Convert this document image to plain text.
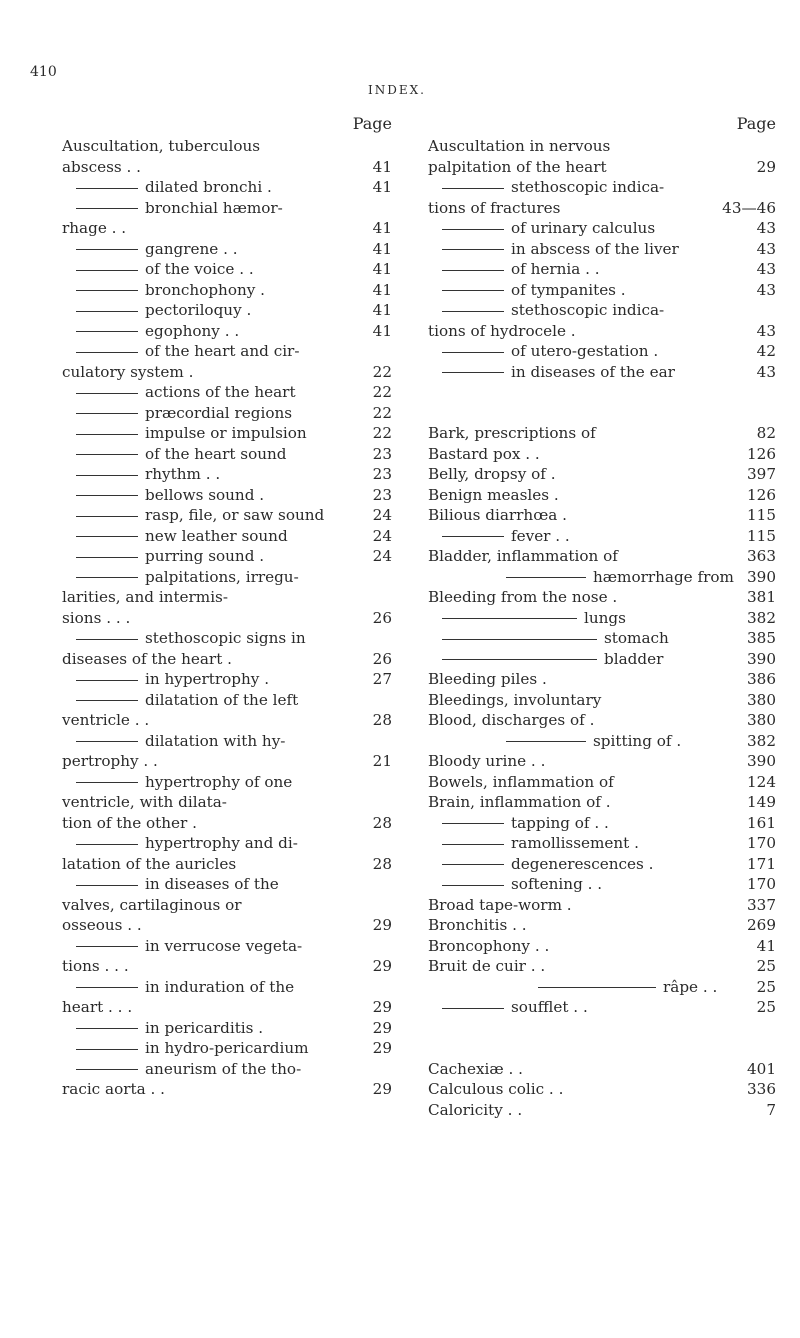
410
INDEX.
Page
Auscultation, tuberculous
abscess . .	41
dilated bronchi .	41
bronchial hæmor-
rhage . .	41
gangrene . .	41
of the voice . .	41
bronchophony .	41
pectoriloquy .	41
egophony . .	41
of the heart and cir-
culatory system .	22
actions of the heart	22
præcordial regions	22
impulse or impulsion	22
of the heart sound	23
rhythm . .	23
bellows sound .	23
rasp, file, or saw sound	24
new leather sound	24
purring sound .	24
palpitations, irregu-
larities, and intermis-
sions . . .	26
stethoscopic signs in
diseases of the heart .	26
in hypertrophy .	27
dilatation of the left
ventricle . .	28
dilatation with hy-
pertrophy . .	21
hypertrophy of one
ventricle, with dilata-
tion of the other .	28
hypertrophy and di-
latation of the auricles	28
in diseases of the
valves, cartilaginous or
osseous . .	29
in verrucose vegeta-
tions . . .	29
in induration of the
heart . . .	29
in pericarditis .	29
in hydro-pericardium	29
aneurism of the tho-
racic aorta . .	29
Page
Auscultation in nervous
palpitation of the heart	29
stethoscopic indica-
tions of fractures	43—46
of urinary calculus	43
in abscess of the liver	43
of hernia . .	43
of tympanites .	43
stethoscopic indica-
tions of hydrocele .	43
of utero-gestation .	42
in diseases of the ear	43
Bark, prescriptions of	82
Bastard pox . .	126
Belly, dropsy of .	397
Benign measles .	126
Bilious diarrhœa .	115
fever . .	115
Bladder, inflammation of	363
hæmorrhage from 390
Bleeding from the nose .	381
lungs	382
stomach	385
bladder	390
Bleeding piles .	386
Bleedings, involuntary	380
Blood, discharges of .	380
spitting of .	382
Bloody urine . .	390
Bowels, inflammation of	124
Brain, inflammation of .	149
tapping of . .	161
ramollissement .	170
degenerescences .	171
softening . .	170
Broad tape-worm .	337
Bronchitis . .	269
Broncophony . .	41
Bruit de cuir . .	25
râpe . .	25
soufflet . .	25
Cachexiæ . .	401
Calculous colic . .	336
Caloricity . .	7
